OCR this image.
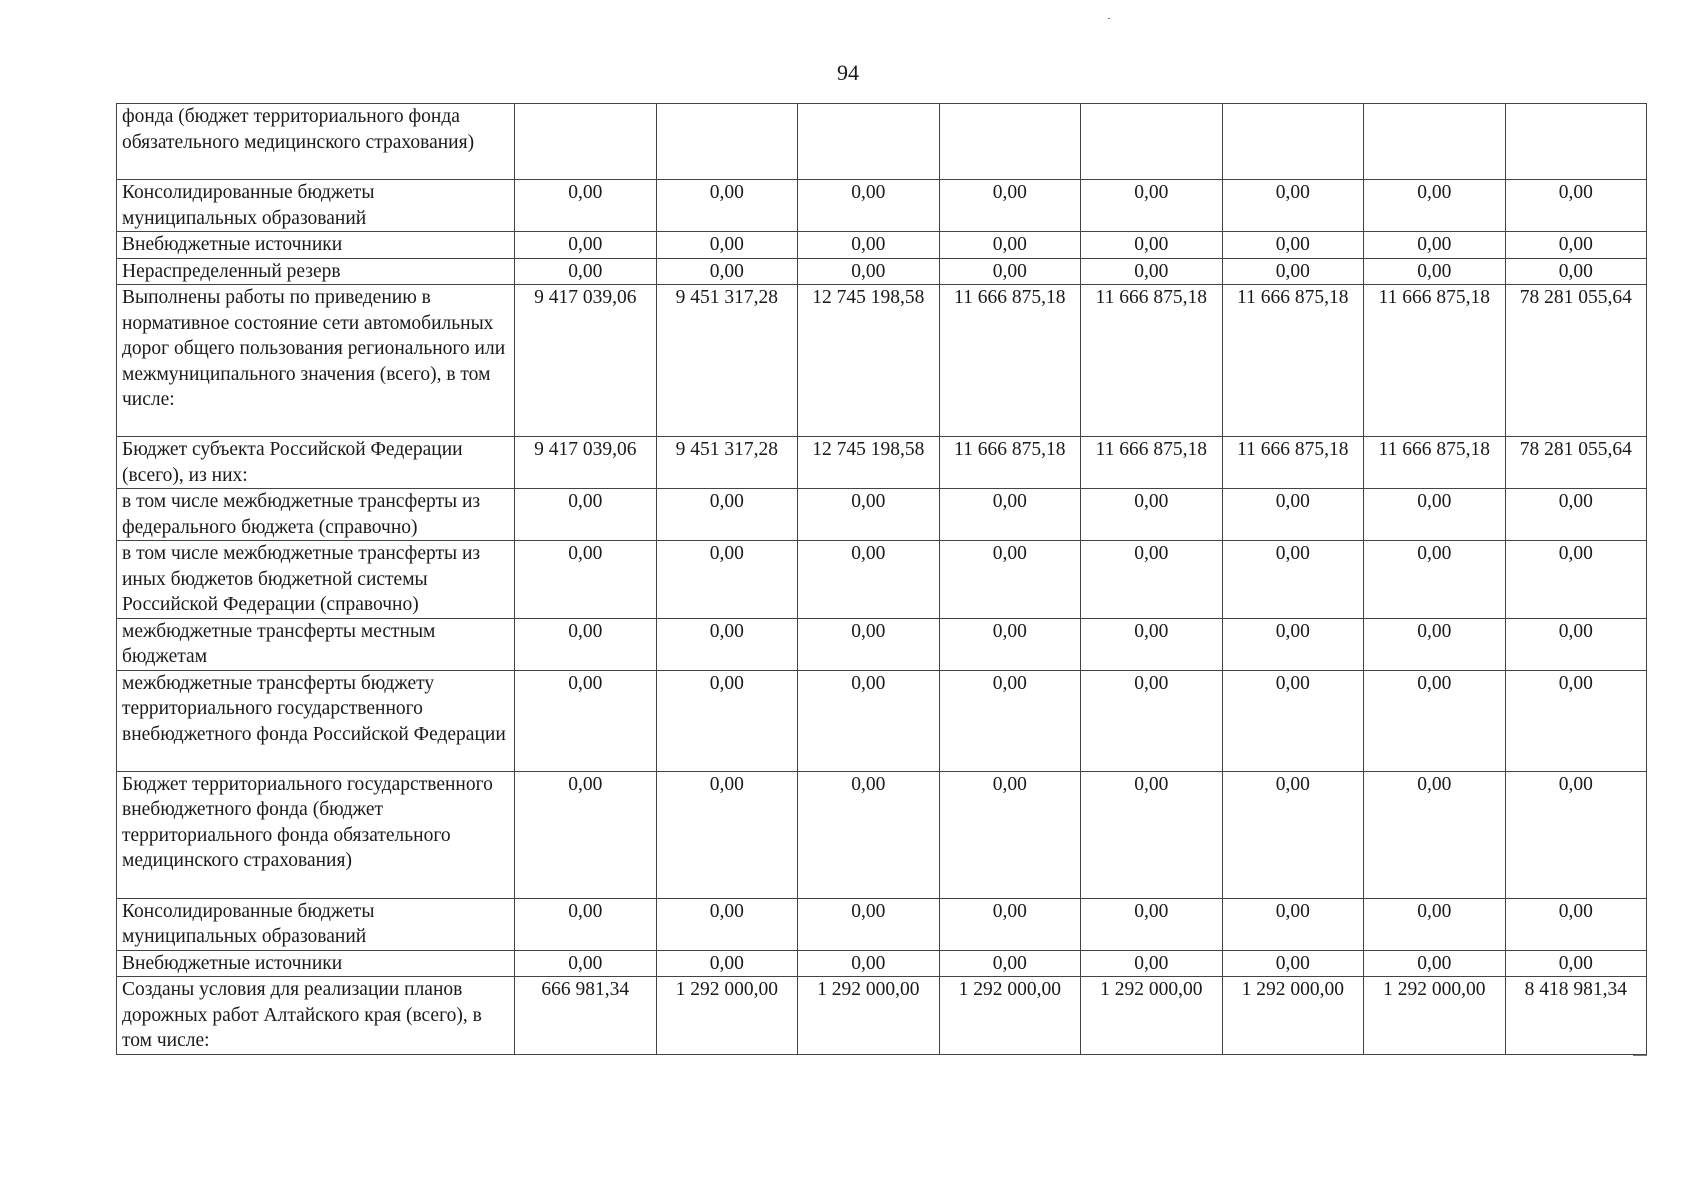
94
фонда (бюджет территориального фонда обязательного медицинского страхования)								
Консолидированные бюджеты муниципальных образований	0,00	0,00	0,00	0,00	0,00	0,00	0,00	0,00
Внебюджетные источники	0,00	0,00	0,00	0,00	0,00	0,00	0,00	0,00
Нераспределенный резерв	0,00	0,00	0,00	0,00	0,00	0,00	0,00	0,00
Выполнены работы по приведению в нормативное состояние сети автомобильных дорог общего пользования регионального или межмуниципального значения (всего), в том числе:	9 417 039,06	9 451 317,28	12 745 198,58	11 666 875,18	11 666 875,18	11 666 875,18	11 666 875,18	78 281 055,64
Бюджет субъекта Российской Федерации (всего), из них:	9 417 039,06	9 451 317,28	12 745 198,58	11 666 875,18	11 666 875,18	11 666 875,18	11 666 875,18	78 281 055,64
в том числе межбюджетные трансферты из федерального бюджета (справочно)	0,00	0,00	0,00	0,00	0,00	0,00	0,00	0,00
в том числе межбюджетные трансферты из иных бюджетов бюджетной системы Российской Федерации (справочно)	0,00	0,00	0,00	0,00	0,00	0,00	0,00	0,00
межбюджетные трансферты местным бюджетам	0,00	0,00	0,00	0,00	0,00	0,00	0,00	0,00
межбюджетные трансферты бюджету территориального государственного внебюджетного фонда Российской Федерации	0,00	0,00	0,00	0,00	0,00	0,00	0,00	0,00
Бюджет территориального государственного внебюджетного фонда (бюджет территориального фонда обязательного медицинского страхования)	0,00	0,00	0,00	0,00	0,00	0,00	0,00	0,00
Консолидированные бюджеты муниципальных образований	0,00	0,00	0,00	0,00	0,00	0,00	0,00	0,00
Внебюджетные источники	0,00	0,00	0,00	0,00	0,00	0,00	0,00	0,00
Созданы условия для реализации планов дорожных работ Алтайского края (всего), в том числе:	666 981,34	1 292 000,00	1 292 000,00	1 292 000,00	1 292 000,00	1 292 000,00	1 292 000,00	8 418 981,34
